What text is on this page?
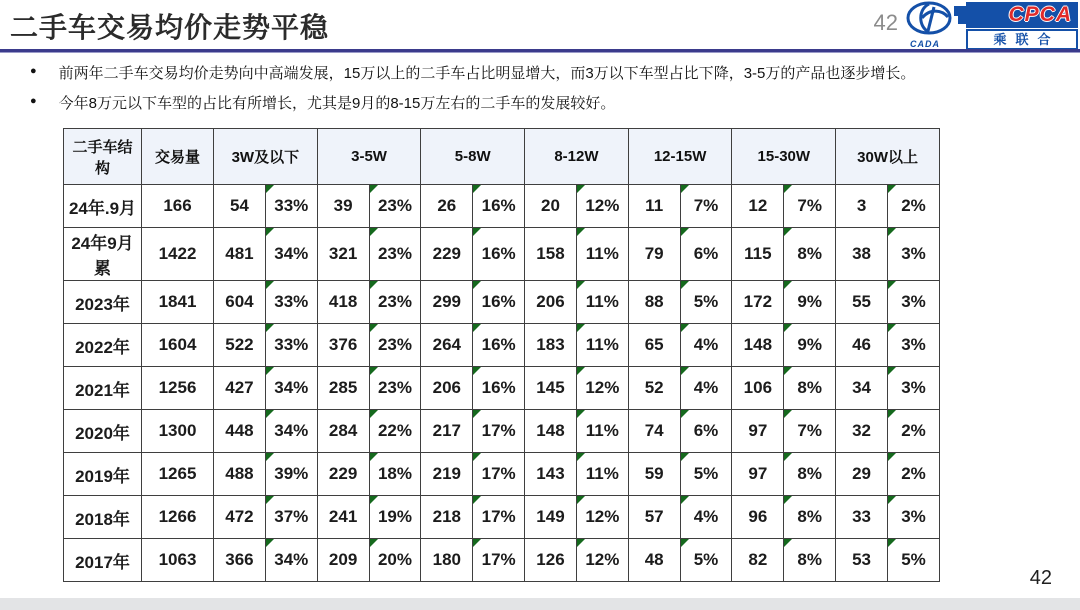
二手车交易均价走势平稳	42
CADA
CPCA
乘联合
● 前两年二手车交易均价走势向中高端发展，15万以上的二手车占比明显增大，而3万以下车型占比下降，3-5万的产品也逐步增长。
● 今年8万元以下车型的占比有所增长，尤其是9月的8-15万左右的二手车的发展较好。
二手车结构	交易量	3W及以下		3-5W		5-8W		8-12W		12-15W		15-30W		30W以上	
24年.9月	166	54	33%	39	23%	26	16%	20	12%	11	7%	12	7%	3	2%
24年9月累	1422	481	34%	321	23%	229	16%	158	11%	79	6%	115	8%	38	3%
2023年	1841	604	33%	418	23%	299	16%	206	11%	88	5%	172	9%	55	3%
2022年	1604	522	33%	376	23%	264	16%	183	11%	65	4%	148	9%	46	3%
2021年	1256	427	34%	285	23%	206	16%	145	12%	52	4%	106	8%	34	3%
2020年	1300	448	34%	284	22%	217	17%	148	11%	74	6%	97	7%	32	2%
2019年	1265	488	39%	229	18%	219	17%	143	11%	59	5%	97	8%	29	2%
2018年	1266	472	37%	241	19%	218	17%	149	12%	57	4%	96	8%	33	3%
2017年	1063	366	34%	209	20%	180	17%	126	12%	48	5%	82	8%	53	5%
42
